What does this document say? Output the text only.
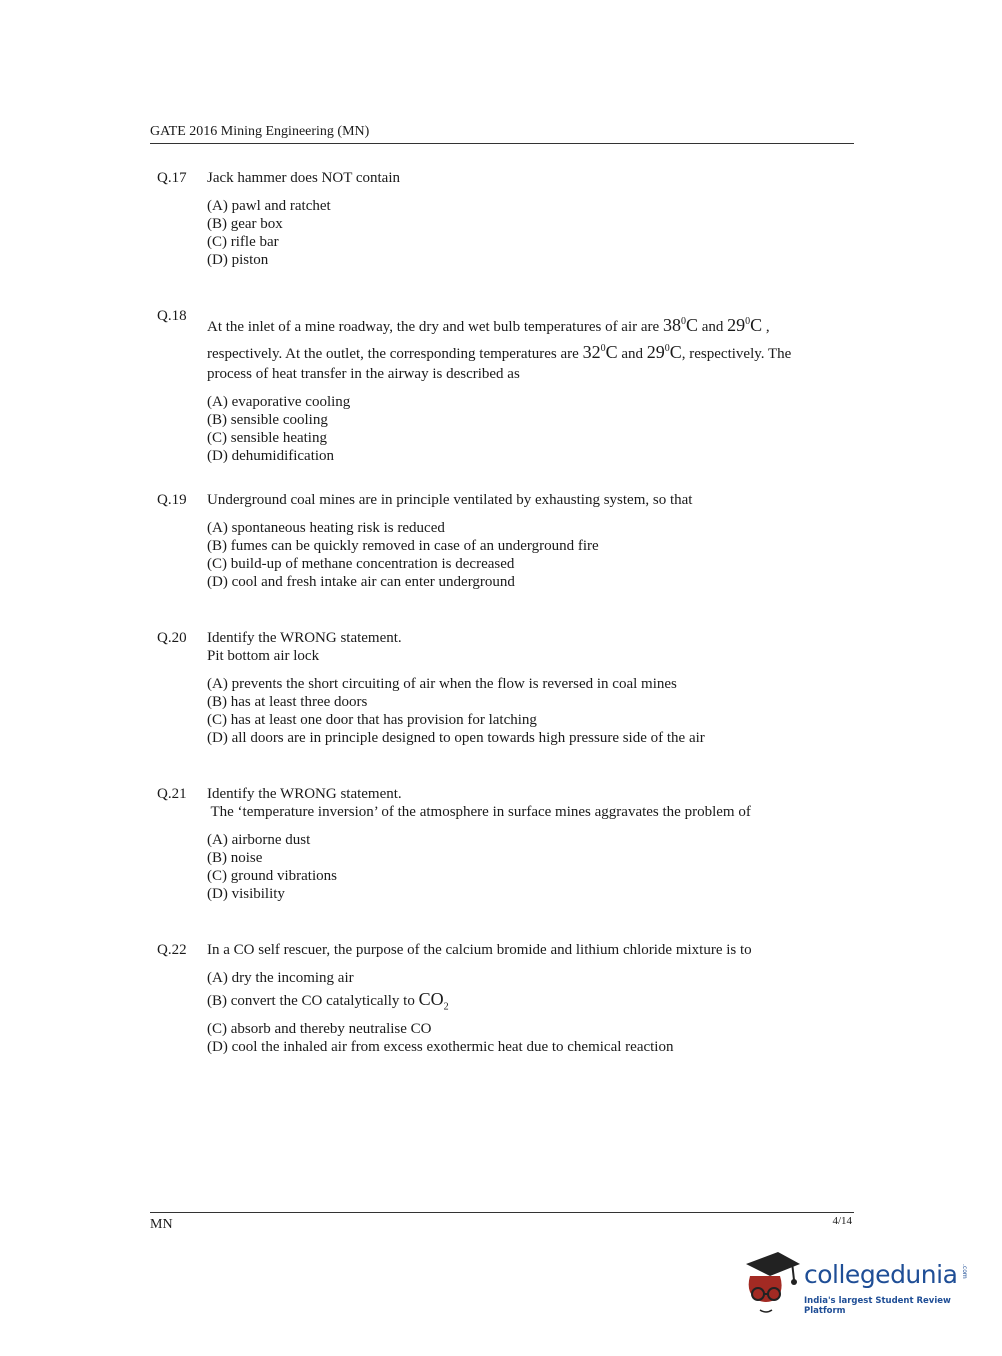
GATE 2016 Mining Engineering (MN)
Q.17 Jack hammer does NOT contain

(A) pawl and ratchet

(B) gear box

(C) rifle bar

(D) piston

Q.18

At the inlet of a mine roadway, the dry and wet bulb temperatures of air are $38^0C$ and $29^0C$ ,

respectively. At the outlet, the corresponding temperatures are $32^0C$ and $29^0C$, respectively. The

process of heat transfer in the airway is described as

(A) evaporative cooling

(B) sensible cooling

(C) sensible heating

(D) dehumidification

Q.19 Underground coal mines are in principle ventilated by exhausting system, so that

(A) spontaneous heating risk is reduced

(B) fumes can be quickly removed in case of an underground fire

(C) build-up of methane concentration is decreased

(D) cool and fresh intake air can enter underground

Q.20 Identify the WRONG statement.

Pit bottom air lock

(A) prevents the short circuiting of air when the flow is reversed in coal mines

(B) has at least three doors

(C) has at least one door that has provision for latching

(D) all doors are in principle designed to open towards high pressure side of the air

Q.21 Identify the WRONG statement.

The ‘temperature inversion’ of the atmosphere in surface mines aggravates the problem of

(A) airborne dust

(B) noise

(C) ground vibrations

(D) visibility

Q.22 In a CO self rescuer, the purpose of the calcium bromide and lithium chloride mixture is to

(A) dry the incoming air

(B) convert the CO catalytically to $CO_2$

(C) absorb and thereby neutralise CO

(D) cool the inhaled air from excess exothermic heat due to chemical reaction

MN	4/14
collegedunia .com
India's largest Student Review Platform
